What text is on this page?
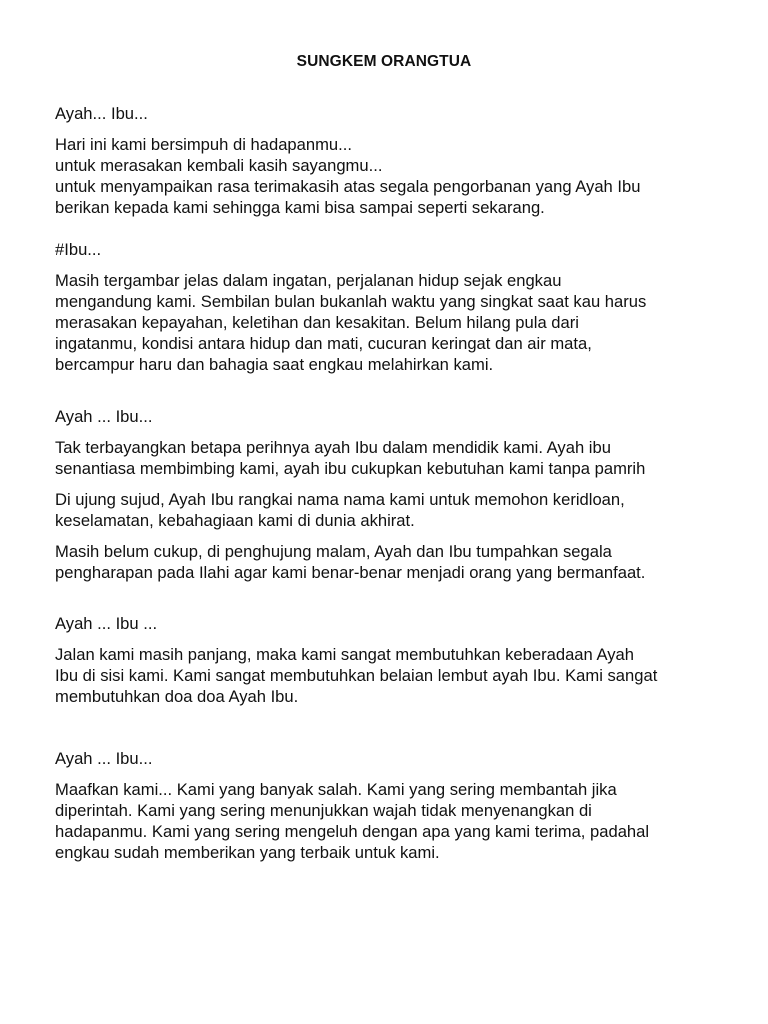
SUNGKEM ORANGTUA

Ayah... Ibu...

Hari ini kami bersimpuh di hadapanmu...

untuk merasakan kembali kasih sayangmu...

untuk menyampaikan rasa terimakasih atas segala pengorbanan yang Ayah Ibu

berikan kepada kami sehingga kami bisa sampai seperti sekarang.

#Ibu...

Masih tergambar jelas dalam ingatan, perjalanan hidup sejak engkau

mengandung kami. Sembilan bulan bukanlah waktu yang singkat saat kau harus

merasakan kepayahan, keletihan dan kesakitan. Belum hilang pula dari

ingatanmu, kondisi antara hidup dan mati, cucuran keringat dan air mata,

bercampur haru dan bahagia saat engkau melahirkan kami.

Ayah ... Ibu...

Tak terbayangkan betapa perihnya ayah Ibu dalam mendidik kami. Ayah ibu

senantiasa membimbing kami, ayah ibu cukupkan kebutuhan kami tanpa pamrih

Di ujung sujud, Ayah Ibu rangkai nama nama kami untuk memohon keridloan,

keselamatan, kebahagiaan kami di dunia akhirat.

Masih belum cukup, di penghujung malam, Ayah dan Ibu tumpahkan segala

pengharapan pada Ilahi agar kami benar-benar menjadi orang yang bermanfaat.

Ayah ... Ibu ...

Jalan kami masih panjang, maka kami sangat membutuhkan keberadaan Ayah

Ibu di sisi kami. Kami sangat membutuhkan belaian lembut ayah Ibu. Kami sangat

membutuhkan doa doa Ayah Ibu.

Ayah ... Ibu...

Maafkan kami... Kami yang banyak salah. Kami yang sering membantah jika

diperintah. Kami yang sering menunjukkan wajah tidak menyenangkan di

hadapanmu. Kami yang sering mengeluh dengan apa yang kami terima, padahal

engkau sudah memberikan yang terbaik untuk kami.
